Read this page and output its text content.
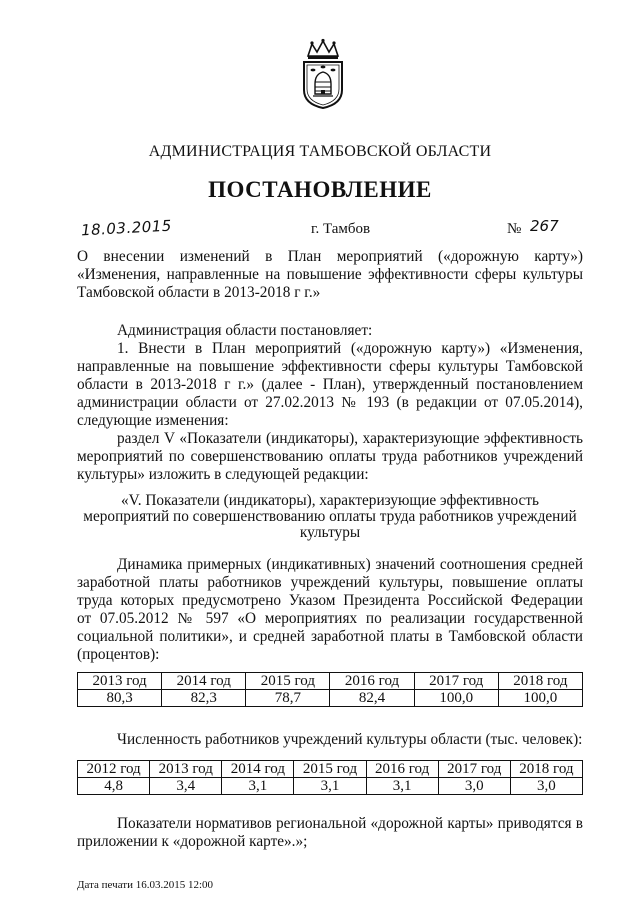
АДМИНИСТРАЦИЯ ТАМБОВСКОЙ ОБЛАСТИ
ПОСТАНОВЛЕНИЕ
18.03.2015	г. Тамбов	№ 267
О внесении изменений в План мероприятий («дорожную карту»)
«Изменения, направленные на повышение эффективности сферы культуры
Тамбовской области в 2013-2018 г г.»
Администрация области постановляет:
1. Внести в План мероприятий («дорожную карту») «Изменения,
направленные на повышение эффективности сферы культуры Тамбовской
области в 2013-2018 г г.» (далее - План), утвержденный постановлением
администрации области от 27.02.2013 № 193 (в редакции от 07.05.2014),
следующие изменения:
раздел V «Показатели (индикаторы), характеризующие эффективность
мероприятий по совершенствованию оплаты труда работников учреждений
культуры» изложить в следующей редакции:
«V. Показатели (индикаторы), характеризующие эффективность
мероприятий по совершенствованию оплаты труда работников учреждений
культуры
Динамика примерных (индикативных) значений соотношения средней
заработной платы работников учреждений культуры, повышение оплаты
труда которых предусмотрено Указом Президента Российской Федерации
от 07.05.2012 № 597 «О мероприятиях по реализации государственной
социальной политики», и средней заработной платы в Тамбовской области
(процентов):
2013 год	2014 год	2015 год	2016 год	2017 год	2018 год
80,3	82,3	78,7	82,4	100,0	100,0
Численность работников учреждений культуры области (тыс. человек):
2012 год	2013 год	2014 год	2015 год	2016 год	2017 год	2018 год
4,8	3,4	3,1	3,1	3,1	3,0	3,0
Показатели нормативов региональной «дорожной карты» приводятся в
приложении к «дорожной карте».»;
Дата печати 16.03.2015 12:00
